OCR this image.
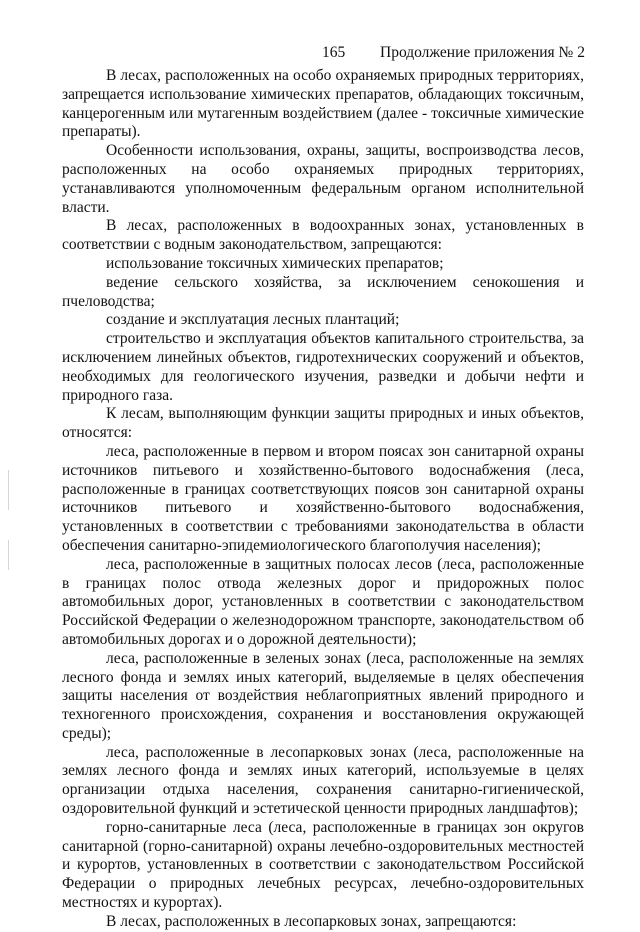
165 Продолжение приложения № 2

В лесах, расположенных на особо охраняемых природных территориях, запрещается использование химических препаратов, обладающих токсичным, канцерогенным или мутагенным воздействием (далее - токсичные химические препараты).

Особенности использования, охраны, защиты, воспроизводства лесов, расположенных на особо охраняемых природных территориях, устанавливаются уполномоченным федеральным органом исполнительной власти.

В лесах, расположенных в водоохранных зонах, установленных в соответствии с водным законодательством, запрещаются:

использование токсичных химических препаратов;

ведение сельского хозяйства, за исключением сенокошения и пчеловодства;

создание и эксплуатация лесных плантаций;

строительство и эксплуатация объектов капитального строительства, за исключением линейных объектов, гидротехнических сооружений и объектов, необходимых для геологического изучения, разведки и добычи нефти и природного газа.

К лесам, выполняющим функции защиты природных и иных объектов, относятся:

леса, расположенные в первом и втором поясах зон санитарной охраны источников питьевого и хозяйственно-бытового водоснабжения (леса, расположенные в границах соответствующих поясов зон санитарной охраны источников питьевого и хозяйственно-бытового водоснабжения, установленных в соответствии с требованиями законодательства в области обеспечения санитарно-эпидемиологического благополучия населения);

леса, расположенные в защитных полосах лесов (леса, расположенные в границах полос отвода железных дорог и придорожных полос автомобильных дорог, установленных в соответствии с законодательством Российской Федерации о железнодорожном транспорте, законодательством об автомобильных дорогах и о дорожной деятельности);

леса, расположенные в зеленых зонах (леса, расположенные на землях лесного фонда и землях иных категорий, выделяемые в целях обеспечения защиты населения от воздействия неблагоприятных явлений природного и техногенного происхождения, сохранения и восстановления окружающей среды);

леса, расположенные в лесопарковых зонах (леса, расположенные на землях лесного фонда и землях иных категорий, используемые в целях организации отдыха населения, сохранения санитарно-гигиенической, оздоровительной функций и эстетической ценности природных ландшафтов);

горно-санитарные леса (леса, расположенные в границах зон округов санитарной (горно-санитарной) охраны лечебно-оздоровительных местностей и курортов, установленных в соответствии с законодательством Российской Федерации о природных лечебных ресурсах, лечебно-оздоровительных местностях и курортах).

В лесах, расположенных в лесопарковых зонах, запрещаются:
